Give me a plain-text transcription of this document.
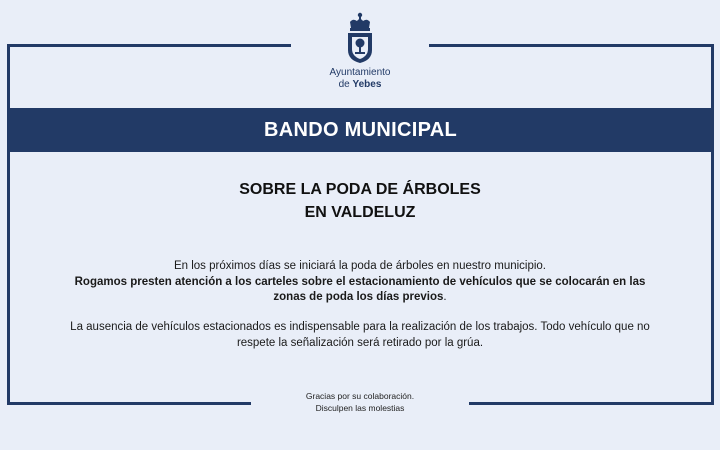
Ayuntamiento
de Yebes
BANDO MUNICIPAL
SOBRE LA PODA DE ÁRBOLES
EN VALDELUZ
En los próximos días se iniciará la poda de árboles en nuestro municipio.
Rogamos presten atención a los carteles sobre el estacionamiento de vehículos que se colocarán en las
zonas de poda los días previos.
La ausencia de vehículos estacionados es indispensable para la realización de los trabajos. Todo vehículo que no
respete la señalización será retirado por la grúa.
Gracias por su colaboración.
Disculpen las molestias
